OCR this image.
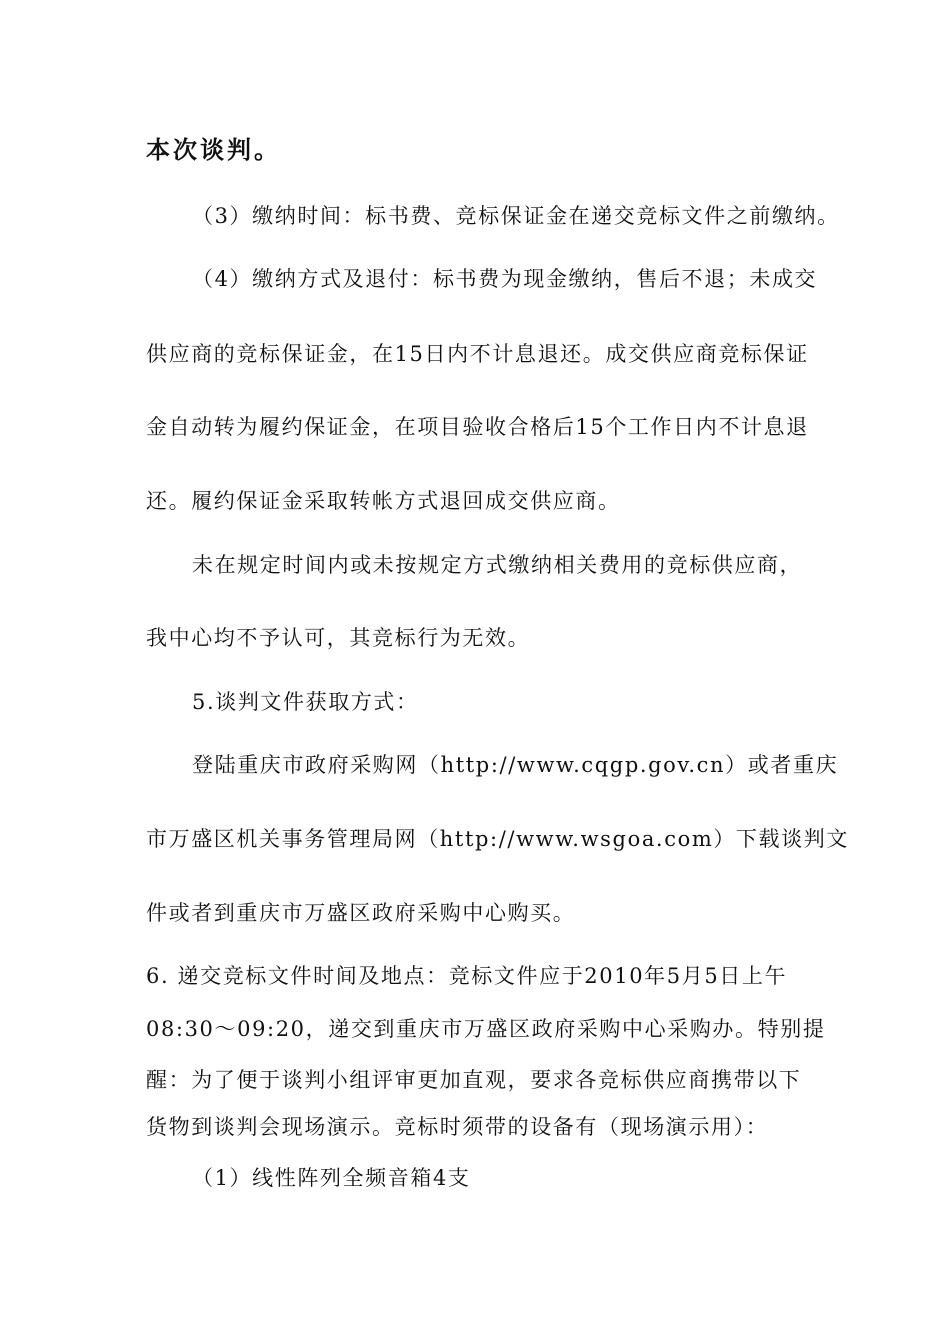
本次谈判。
（3）缴纳时间：标书费、竞标保证金在递交竞标文件之前缴纳。
（4）缴纳方式及退付：标书费为现金缴纳，售后不退；未成交
供应商的竞标保证金，在15日内不计息退还。成交供应商竞标保证
金自动转为履约保证金，在项目验收合格后15个工作日内不计息退
还。履约保证金采取转帐方式退回成交供应商。
未在规定时间内或未按规定方式缴纳相关费用的竞标供应商，
我中心均不予认可，其竞标行为无效。
5.谈判文件获取方式：
登陆重庆市政府采购网（http://www.cqgp.gov.cn）或者重庆
市万盛区机关事务管理局网（http://www.wsgoa.com）下载谈判文
件或者到重庆市万盛区政府采购中心购买。
6. 递交竞标文件时间及地点：竞标文件应于2010年5月5日上午
08:30～09:20，递交到重庆市万盛区政府采购中心采购办。特别提
醒：为了便于谈判小组评审更加直观，要求各竞标供应商携带以下
货物到谈判会现场演示。竞标时须带的设备有（现场演示用）：
（1）线性阵列全频音箱4支
